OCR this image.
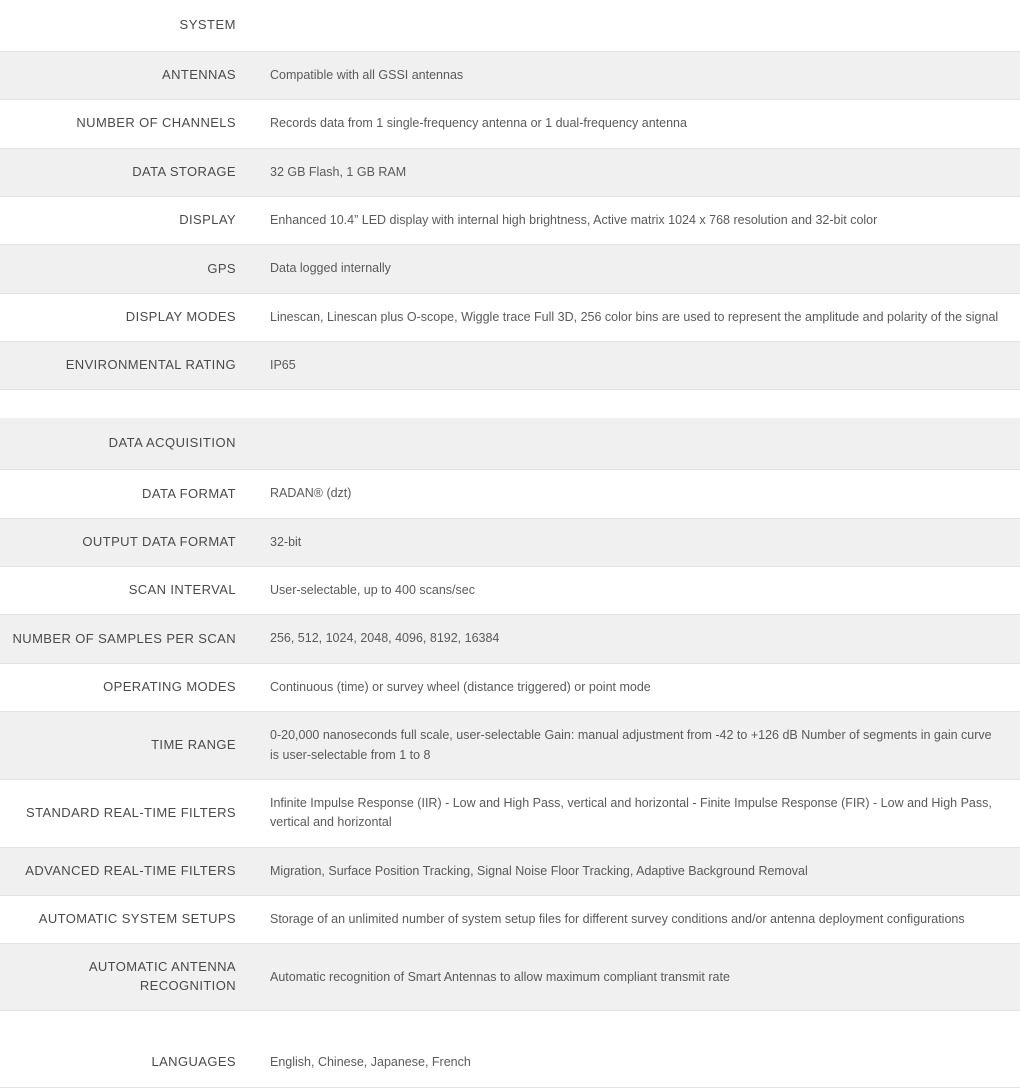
SYSTEM	
ANTENNAS	Compatible with all GSSI antennas
NUMBER OF CHANNELS	Records data from 1 single-frequency antenna or 1 dual-frequency antenna
DATA STORAGE	32 GB Flash, 1 GB RAM
DISPLAY	Enhanced 10.4” LED display with internal high brightness, Active matrix 1024 x 768 resolution and 32-bit color
GPS	Data logged internally
DISPLAY MODES	Linescan, Linescan plus O-scope, Wiggle trace Full 3D, 256 color bins are used to represent the amplitude and polarity of the signal
ENVIRONMENTAL RATING	IP65

DATA ACQUISITION	
DATA FORMAT	RADAN® (dzt)
OUTPUT DATA FORMAT	32-bit
SCAN INTERVAL	User-selectable, up to 400 scans/sec
NUMBER OF SAMPLES PER SCAN	256, 512, 1024, 2048, 4096, 8192, 16384
OPERATING MODES	Continuous (time) or survey wheel (distance triggered) or point mode
TIME RANGE	0-20,000 nanoseconds full scale, user-selectable Gain: manual adjustment from -42 to +126 dB Number of segments in gain curve is user-selectable from 1 to 8
STANDARD REAL-TIME FILTERS	Infinite Impulse Response (IIR) - Low and High Pass, vertical and horizontal - Finite Impulse Response (FIR) - Low and High Pass, vertical and horizontal
ADVANCED REAL-TIME FILTERS	Migration, Surface Position Tracking, Signal Noise Floor Tracking, Adaptive Background Removal
AUTOMATIC SYSTEM SETUPS	Storage of an unlimited number of system setup files for different survey conditions and/or antenna deployment configurations
AUTOMATIC ANTENNA RECOGNITION	Automatic recognition of Smart Antennas to allow maximum compliant transmit rate

LANGUAGES	English, Chinese, Japanese, French
